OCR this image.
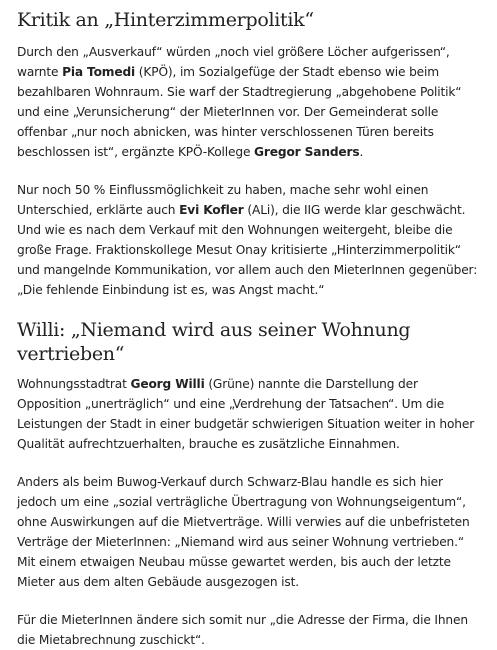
Kritik an „Hinterzimmerpolitik“

Durch den „Ausverkauf“ würden „noch viel größere Löcher aufgerissen“, warnte Pia Tomedi (KPÖ), im Sozialgefüge der Stadt ebenso wie beim bezahlbaren Wohnraum. Sie warf der Stadtregierung „abgehobene Politik“ und eine „Verunsicherung“ der MieterInnen vor. Der Gemeinderat solle offenbar „nur noch abnicken, was hinter verschlossenen Türen bereits beschlossen ist“, ergänzte KPÖ-Kollege Gregor Sanders.

Nur noch 50 % Einflussmöglichkeit zu haben, mache sehr wohl einen Unterschied, erklärte auch Evi Kofler (ALi), die IIG werde klar geschwächt. Und wie es nach dem Verkauf mit den Wohnungen weitergeht, bleibe die große Frage. Fraktionskollege Mesut Onay kritisierte „Hinterzimmerpolitik“ und mangelnde Kommunikation, vor allem auch den MieterInnen gegenüber: „Die fehlende Einbindung ist es, was Angst macht.“

Willi: „Niemand wird aus seiner Wohnung vertrieben“

Wohnungsstadtrat Georg Willi (Grüne) nannte die Darstellung der Opposition „unerträglich“ und eine „Verdrehung der Tatsachen“. Um die Leistungen der Stadt in einer budgetär schwierigen Situation weiter in hoher Qualität aufrechtzuerhalten, brauche es zusätzliche Einnahmen.

Anders als beim Buwog-Verkauf durch Schwarz-Blau handle es sich hier jedoch um eine „sozial verträgliche Übertragung von Wohnungseigentum“, ohne Auswirkungen auf die Mietverträge. Willi verwies auf die unbefristeten Verträge der MieterInnen: „Niemand wird aus seiner Wohnung vertrieben.“ Mit einem etwaigen Neubau müsse gewartet werden, bis auch der letzte Mieter aus dem alten Gebäude ausgezogen ist.

Für die MieterInnen ändere sich somit nur „die Adresse der Firma, die Ihnen die Mietabrechnung zuschickt“.
